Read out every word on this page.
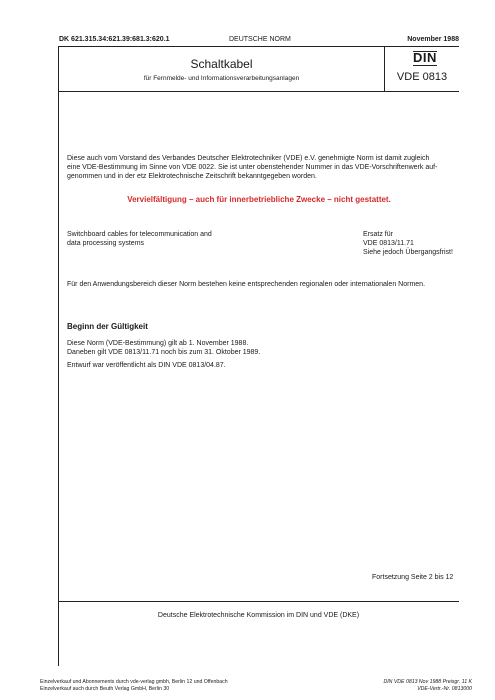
DK 621.315.34:621.39:681.3:620.1	DEUTSCHE NORM	November 1988
Schaltkabel
für Fernmelde- und Informationsverarbeitungsanlagen
DIN
VDE 0813
Diese auch vom Vorstand des Verbandes Deutscher Elektrotechniker (VDE) e.V. genehmigte Norm ist damit zugleich
eine VDE-Bestimmung im Sinne von VDE 0022. Sie ist unter obenstehender Nummer in das VDE-Vorschriftenwerk auf-
genommen und in der etz Elektrotechnische Zeitschrift bekanntgegeben worden.
Vervielfältigung – auch für innerbetriebliche Zwecke – nicht gestattet.
Switchboard cables for telecommunication and
data processing systems
Ersatz für
VDE 0813/11.71
Siehe jedoch Übergangsfrist!
Für den Anwendungsbereich dieser Norm bestehen keine entsprechenden regionalen oder internationalen Normen.
Beginn der Gültigkeit
Diese Norm (VDE-Bestimmung) gilt ab 1. November 1988.
Daneben gilt VDE 0813/11.71 noch bis zum 31. Oktober 1989.
Entwurf war veröffentlicht als DIN VDE 0813/04.87.
Fortsetzung Seite 2 bis 12
Deutsche Elektrotechnische Kommission im DIN und VDE (DKE)
Einzelverkauf und Abonnements durch vde-verlag gmbh, Berlin 12 und Offenbach
Einzelverkauf auch durch Beuth Verlag GmbH, Berlin 30
DIN VDE 0813 Nov 1988 Preisgr. 11 K
VDE-Vertr.-Nr. 0813000
